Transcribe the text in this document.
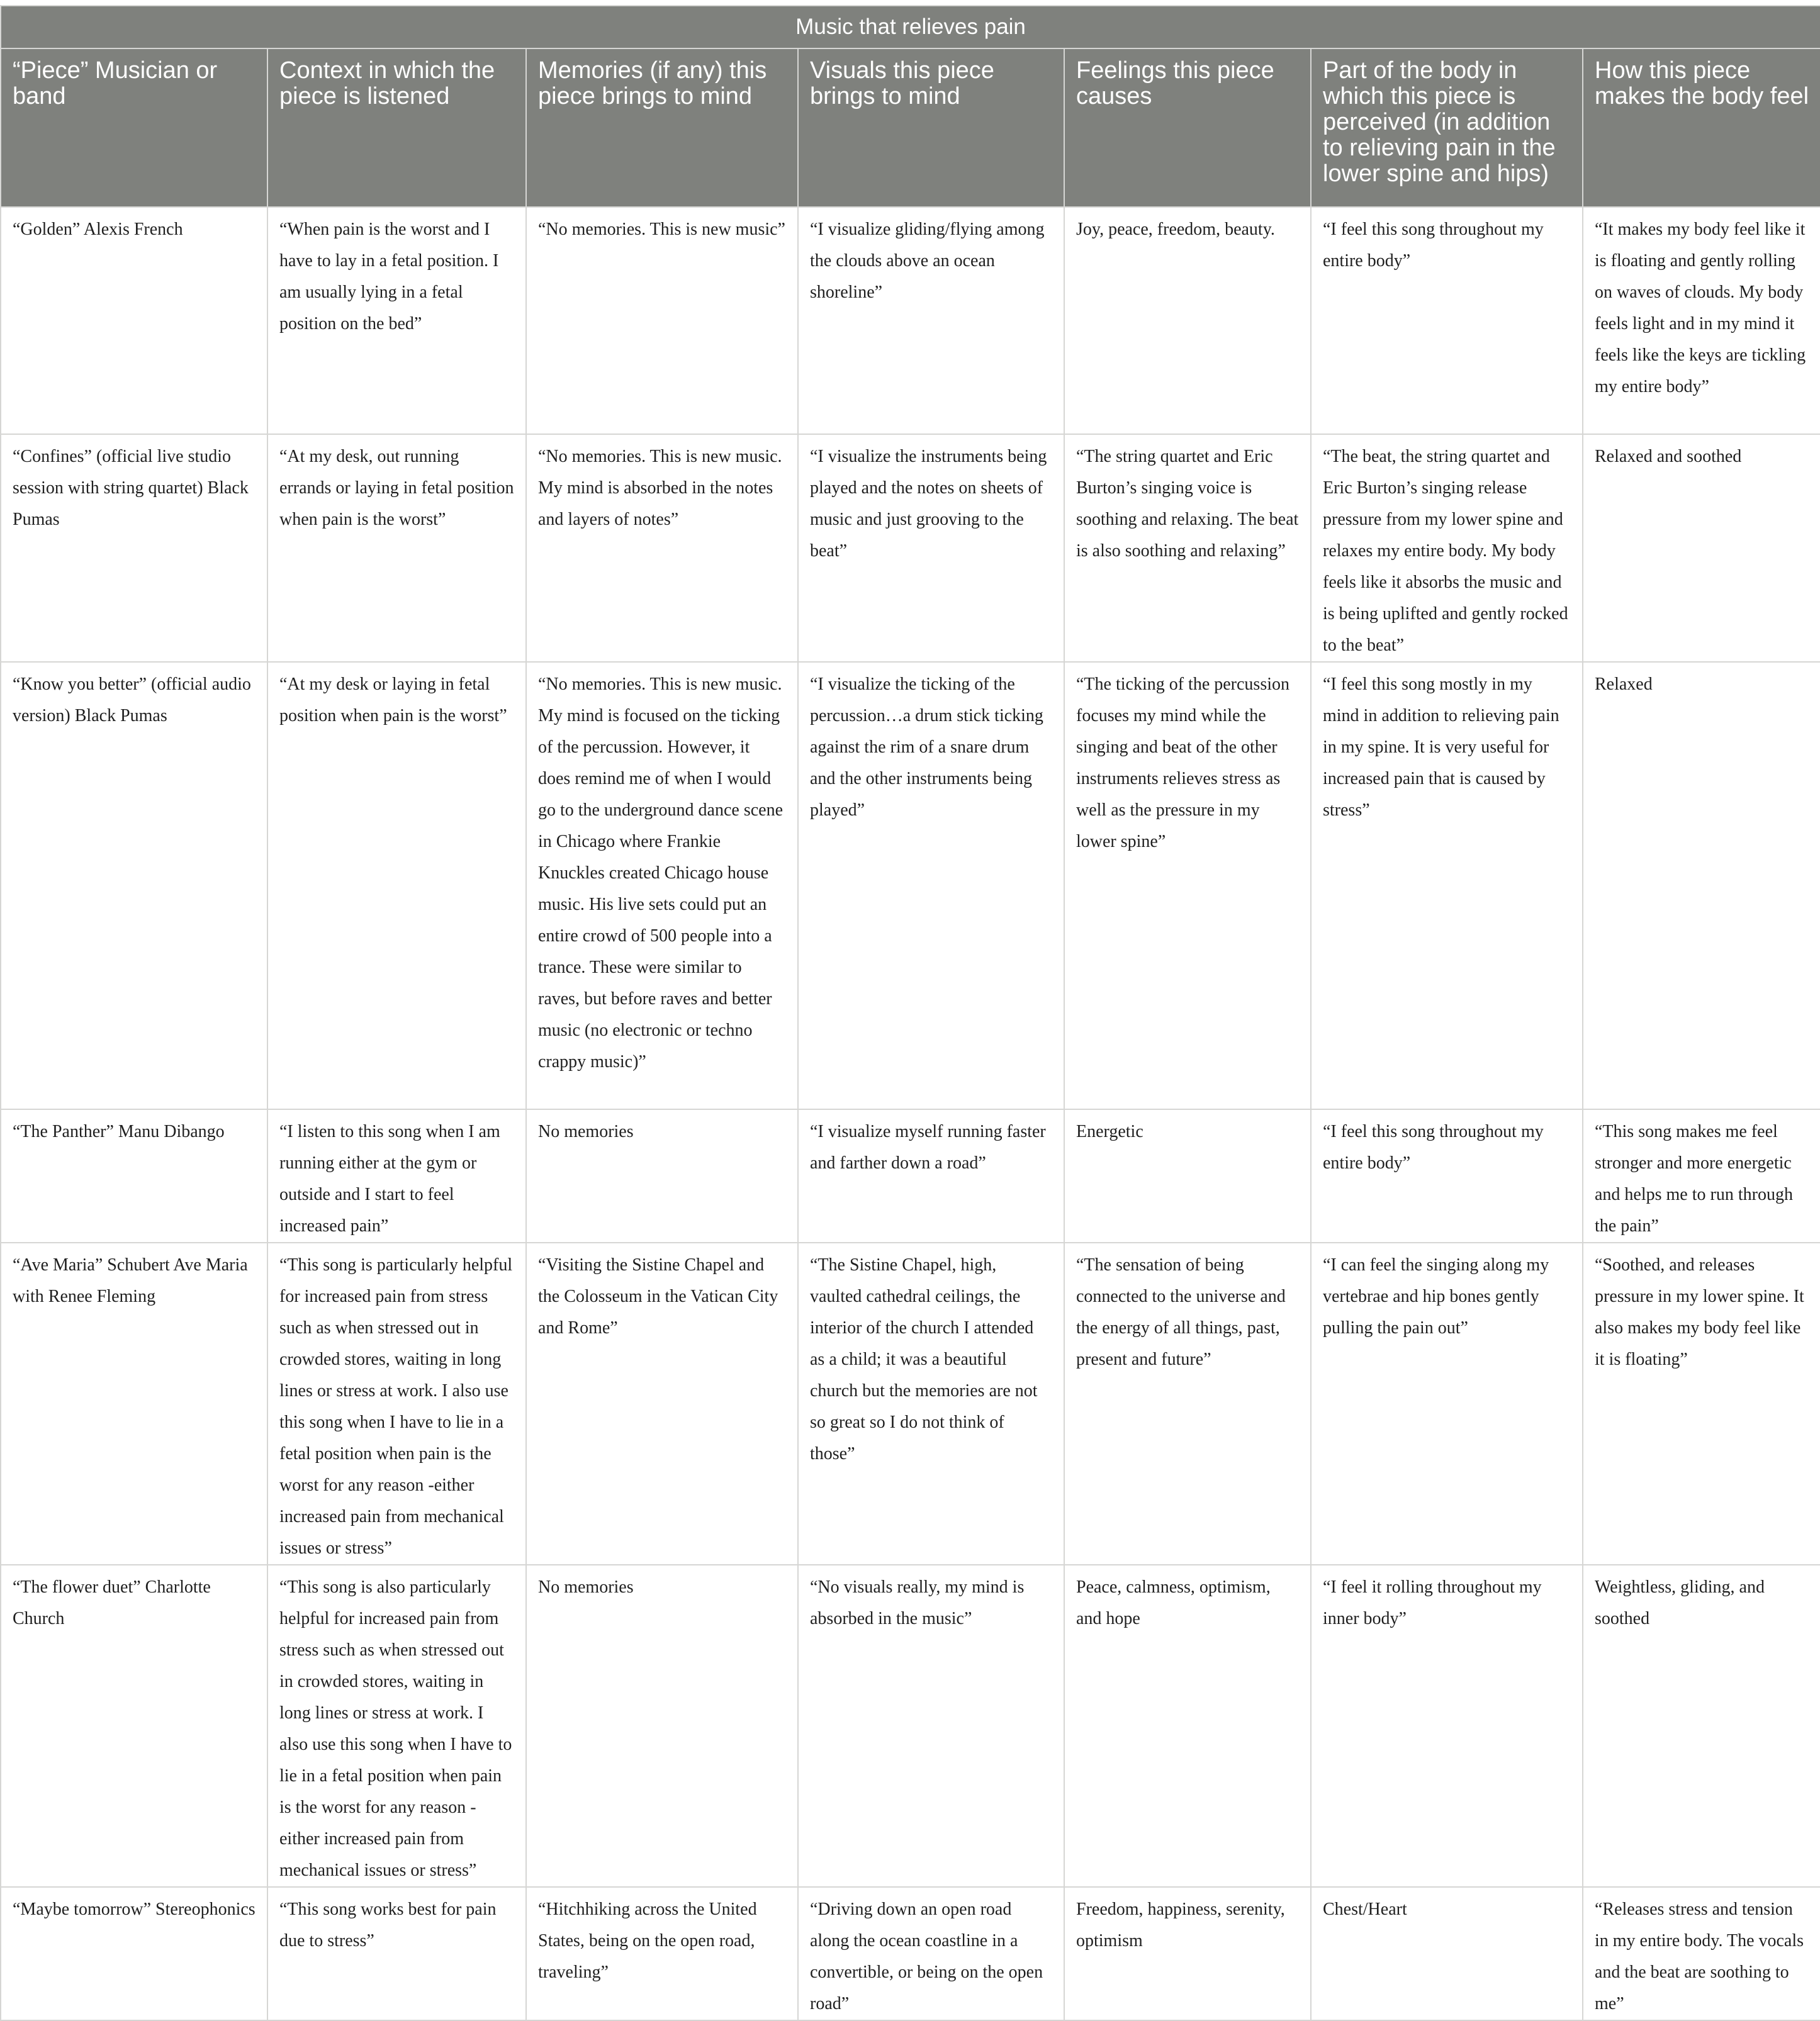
Music that relieves pain						
“Piece” Musician or band	Context in which the piece is listened	Memories (if any) this piece brings to mind	Visuals this piece brings to mind	Feelings this piece causes	Part of the body in which this piece is perceived (in addition to relieving pain in the lower spine and hips)	How this piece makes the body feel
“Golden” Alexis French	“When pain is the worst and I have to lay in a fetal position. I am usually lying in a fetal position on the bed”	“No memories. This is new music”	“I visualize gliding/flying among the clouds above an ocean shoreline”	Joy, peace, freedom, beauty.	“I feel this song throughout my entire body”	“It makes my body feel like it is floating and gently rolling on waves of clouds. My body feels light and in my mind it feels like the keys are tickling my entire body”
“Confines” (official live studio session with string quartet) Black Pumas	“At my desk, out running errands or laying in fetal position when pain is the worst”	“No memories. This is new music. My mind is absorbed in the notes and layers of notes”	“I visualize the instruments being played and the notes on sheets of music and just grooving to the beat”	“The string quartet and Eric Burton’s singing voice is soothing and relaxing. The beat is also soothing and relaxing”	“The beat, the string quartet and Eric Burton’s singing release pressure from my lower spine and relaxes my entire body. My body feels like it absorbs the music and is being uplifted and gently rocked to the beat”	Relaxed and soothed
“Know you better” (official audio version) Black Pumas	“At my desk or laying in fetal position when pain is the worst”	“No memories. This is new music. My mind is focused on the ticking of the percussion. However, it does remind me of when I would go to the underground dance scene in Chicago where Frankie Knuckles created Chicago house music. His live sets could put an entire crowd of 500 people into a trance. These were similar to raves, but before raves and better music (no electronic or techno crappy music)”	“I visualize the ticking of the percussion…a drum stick ticking against the rim of a snare drum and the other instruments being played”	“The ticking of the percussion focuses my mind while the singing and beat of the other instruments relieves stress as well as the pressure in my lower spine”	“I feel this song mostly in my mind in addition to relieving pain in my spine. It is very useful for increased pain that is caused by stress”	Relaxed
“The Panther” Manu Dibango	“I listen to this song when I am running either at the gym or outside and I start to feel increased pain”	No memories	“I visualize myself running faster and farther down a road”	Energetic	“I feel this song throughout my entire body”	“This song makes me feel stronger and more energetic and helps me to run through the pain”
“Ave Maria” Schubert Ave Maria with Renee Fleming	“This song is particularly helpful for increased pain from stress such as when stressed out in crowded stores, waiting in long lines or stress at work. I also use this song when I have to lie in a fetal position when pain is the worst for any reason -either increased pain from mechanical issues or stress”	“Visiting the Sistine Chapel and the Colosseum in the Vatican City and Rome”	“The Sistine Chapel, high, vaulted cathedral ceilings, the interior of the church I attended as a child; it was a beautiful church but the memories are not so great so I do not think of those”	“The sensation of being connected to the universe and the energy of all things, past, present and future”	“I can feel the singing along my vertebrae and hip bones gently pulling the pain out”	“Soothed, and releases pressure in my lower spine. It also makes my body feel like it is floating”
“The flower duet” Charlotte Church	“This song is also particularly helpful for increased pain from stress such as when stressed out in crowded stores, waiting in long lines or stress at work. I also use this song when I have to lie in a fetal position when pain is the worst for any reason -either increased pain from mechanical issues or stress”	No memories	“No visuals really, my mind is absorbed in the music”	Peace, calmness, optimism, and hope	“I feel it rolling throughout my inner body”	Weightless, gliding, and soothed
“Maybe tomorrow” Stereophonics	“This song works best for pain due to stress”	“Hitchhiking across the United States, being on the open road, traveling”	“Driving down an open road along the ocean coastline in a convertible, or being on the open road”	Freedom, happiness, serenity, optimism	Chest/Heart	“Releases stress and tension in my entire body. The vocals and the beat are soothing to me”
